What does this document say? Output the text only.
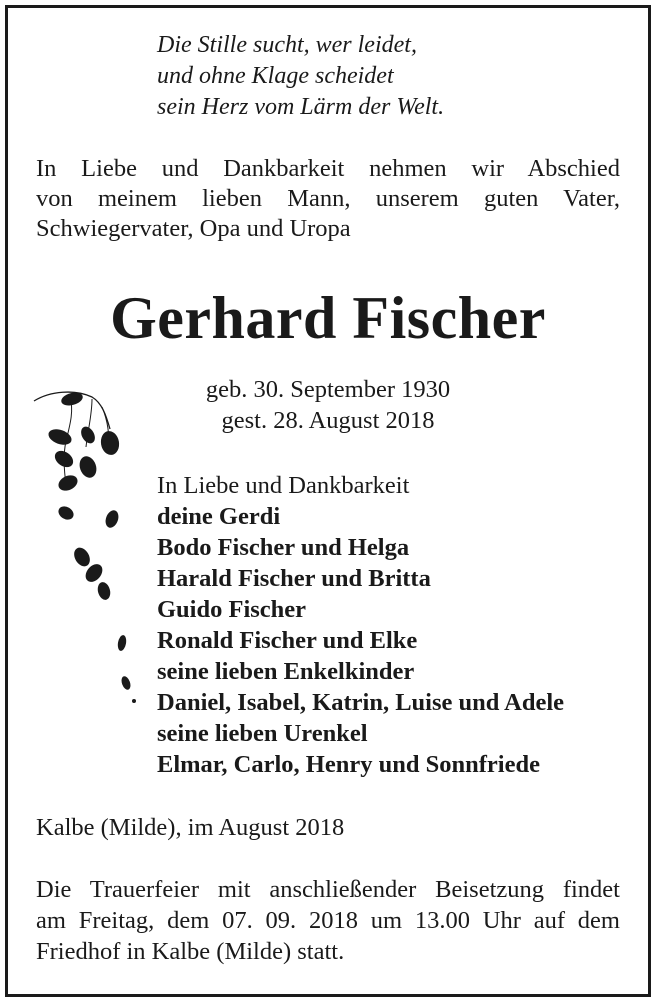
Die Stille sucht, wer leidet,
und ohne Klage scheidet
sein Herz vom Lärm der Welt.
In Liebe und Dankbarkeit nehmen wir Abschied
von meinem lieben Mann, unserem guten Vater,
Schwiegervater, Opa und Uropa
Gerhard Fischer
geb. 30. September 1930
gest. 28. August 2018
In Liebe und Dankbarkeit
deine Gerdi
Bodo Fischer und Helga
Harald Fischer und Britta
Guido Fischer
Ronald Fischer und Elke
seine lieben Enkelkinder
Daniel, Isabel, Katrin, Luise und Adele
seine lieben Urenkel
Elmar, Carlo, Henry und Sonnfriede
Kalbe (Milde), im August 2018
Die Trauerfeier mit anschließender Beisetzung findet
am Freitag, dem 07. 09. 2018 um 13.00 Uhr auf dem
Friedhof in Kalbe (Milde) statt.
